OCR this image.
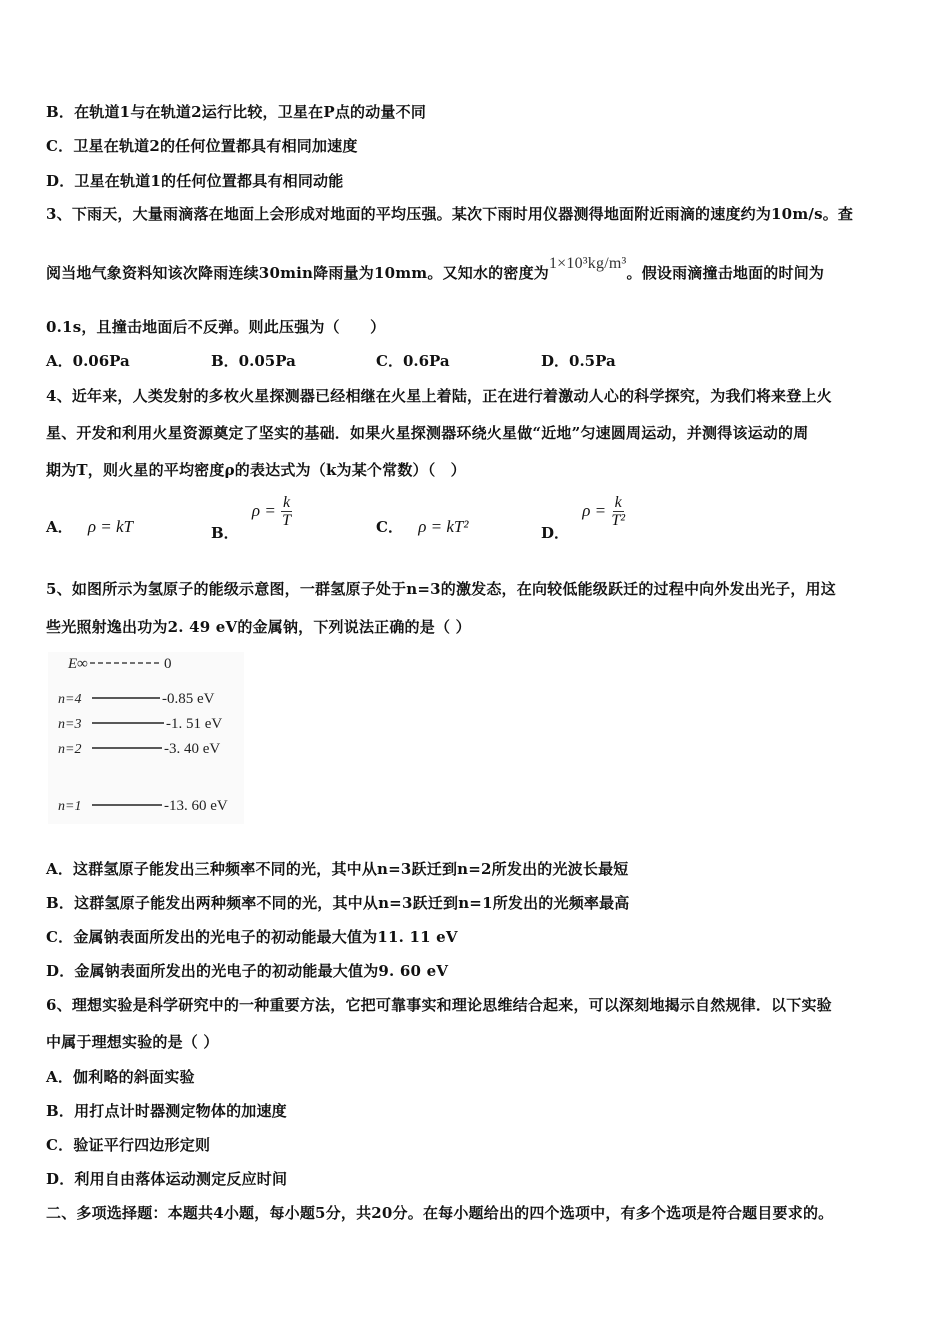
B．在轨道1与在轨道2运行比较，卫星在P点的动量不同
C．卫星在轨道2的任何位置都具有相同加速度
D．卫星在轨道1的任何位置都具有相同动能
3、下雨天，大量雨滴落在地面上会形成对地面的平均压强。某次下雨时用仪器测得地面附近雨滴的速度约为10m/s。查
阅当地气象资料知该次降雨连续30min降雨量为10mm。又知水的密度为1×10³kg/m³。假设雨滴撞击地面的时间为
0.1s，且撞击地面后不反弹。则此压强为（　　）
A．0.06Pa	B．0.05Pa	C．0.6Pa	D．0.5Pa
4、近年来，人类发射的多枚火星探测器已经相继在火星上着陆，正在进行着激动人心的科学探究，为我们将来登上火
星、开发和利用火星资源奠定了坚实的基础．如果火星探测器环绕火星做“近地”匀速圆周运动，并测得该运动的周
期为T，则火星的平均密度ρ的表达式为（k为某个常数）（　）
A． ρ = kT	B． $\rho = \frac{k}{T}$	C． ρ = kT²	D． $\rho = \frac{k}{\text{T²}}$
5、如图所示为氢原子的能级示意图，一群氢原子处于n=3的激发态，在向较低能级跃迁的过程中向外发出光子，用这
些光照射逸出功为2. 49 eV的金属钠，下列说法正确的是（ ）
E∞	0
n=4	-0.85 eV
n=3	-1. 51 eV
n=2	-3. 40 eV
n=1	-13. 60 eV
A．这群氢原子能发出三种频率不同的光，其中从n=3跃迁到n=2所发出的光波长最短
B．这群氢原子能发出两种频率不同的光，其中从n=3跃迁到n=1所发出的光频率最高
C．金属钠表面所发出的光电子的初动能最大值为11. 11 eV
D．金属钠表面所发出的光电子的初动能最大值为9. 60 eV
6、理想实验是科学研究中的一种重要方法，它把可靠事实和理论思维结合起来，可以深刻地揭示自然规律．以下实验
中属于理想实验的是（ ）
A．伽利略的斜面实验
B．用打点计时器测定物体的加速度
C．验证平行四边形定则
D．利用自由落体运动测定反应时间
二、多项选择题：本题共4小题，每小题5分，共20分。在每小题给出的四个选项中，有多个选项是符合题目要求的。
